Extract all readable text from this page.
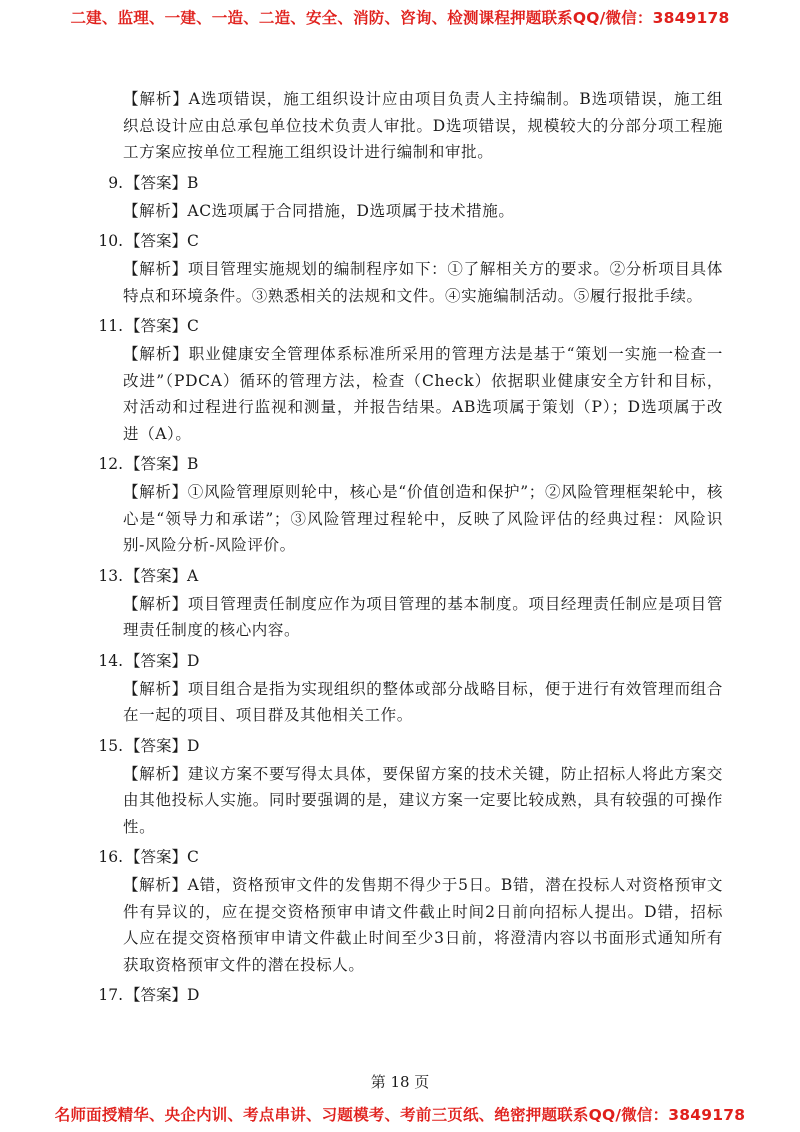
二建、监理、一建、一造、二造、安全、消防、咨询、检测课程押题联系QQ/微信：3849178
【解析】A选项错误，施工组织设计应由项目负责人主持编制。B选项错误，施工组织总设计应由总承包单位技术负责人审批。D选项错误，规模较大的分部分项工程施工方案应按单位工程施工组织设计进行编制和审批。
9. 【答案】B
【解析】AC选项属于合同措施，D选项属于技术措施。
10. 【答案】C
【解析】项目管理实施规划的编制程序如下：①了解相关方的要求。②分析项目具体特点和环境条件。③熟悉相关的法规和文件。④实施编制活动。⑤履行报批手续。
11. 【答案】C
【解析】职业健康安全管理体系标准所采用的管理方法是基于“策划一实施一检查一改进”（PDCA）循环的管理方法，检查（Check）依据职业健康安全方针和目标，对活动和过程进行监视和测量，并报告结果。AB选项属于策划（P）；D选项属于改进（A）。
12. 【答案】B
【解析】①风险管理原则轮中，核心是“价值创造和保护”；②风险管理框架轮中，核心是“领导力和承诺”；③风险管理过程轮中，反映了风险评估的经典过程：风险识别-风险分析-风险评价。
13. 【答案】A
【解析】项目管理责任制度应作为项目管理的基本制度。项目经理责任制应是项目管理责任制度的核心内容。
14. 【答案】D
【解析】项目组合是指为实现组织的整体或部分战略目标，便于进行有效管理而组合在一起的项目、项目群及其他相关工作。
15. 【答案】D
【解析】建议方案不要写得太具体，要保留方案的技术关键，防止招标人将此方案交由其他投标人实施。同时要强调的是，建议方案一定要比较成熟，具有较强的可操作性。
16. 【答案】C
【解析】A错，资格预审文件的发售期不得少于5日。B错，潜在投标人对资格预审文件有异议的，应在提交资格预审申请文件截止时间2日前向招标人提出。D错，招标人应在提交资格预审申请文件截止时间至少3日前，将澄清内容以书面形式通知所有获取资格预审文件的潜在投标人。
17. 【答案】D
第 18 页
名师面授精华、央企内训、考点串讲、习题模考、考前三页纸、绝密押题联系QQ/微信：3849178
